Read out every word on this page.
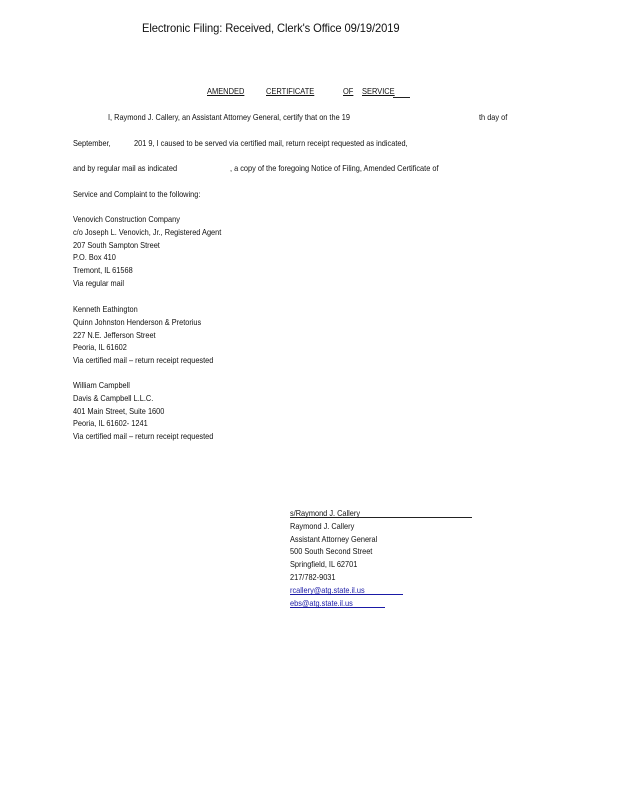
Electronic Filing: Received, Clerk's Office 09/19/2019
AMENDED	CERTIFICATE	OF SERVICE
I, Raymond J. Callery, an Assistant Attorney General, certify that on the 19	th day of
September,	201 9, I caused to be served via certified mail, return receipt requested as indicated,
and by regular mail as indicated	, a copy of the foregoing Notice of Filing, Amended Certificate of
Service and Complaint to the following:
Venovich Construction Company
c/o Joseph L. Venovich, Jr., Registered Agent
207 South Sampton Street
P.O. Box 410
Tremont, IL 61568
Via regular mail
Kenneth Eathington
Quinn Johnston Henderson & Pretorius
227 N.E. Jefferson Street
Peoria, IL 61602
Via certified mail – return receipt requested
William Campbell
Davis & Campbell L.L.C.
401 Main Street, Suite 1600
Peoria, IL 61602- 1241
Via certified mail – return receipt requested
s/Raymond J. Callery
Raymond J. Callery
Assistant Attorney General
500 South Second Street
Springfield, IL 62701
217/782-9031
rcallery@atg.state.il.us
ebs@atg.state.il.us
